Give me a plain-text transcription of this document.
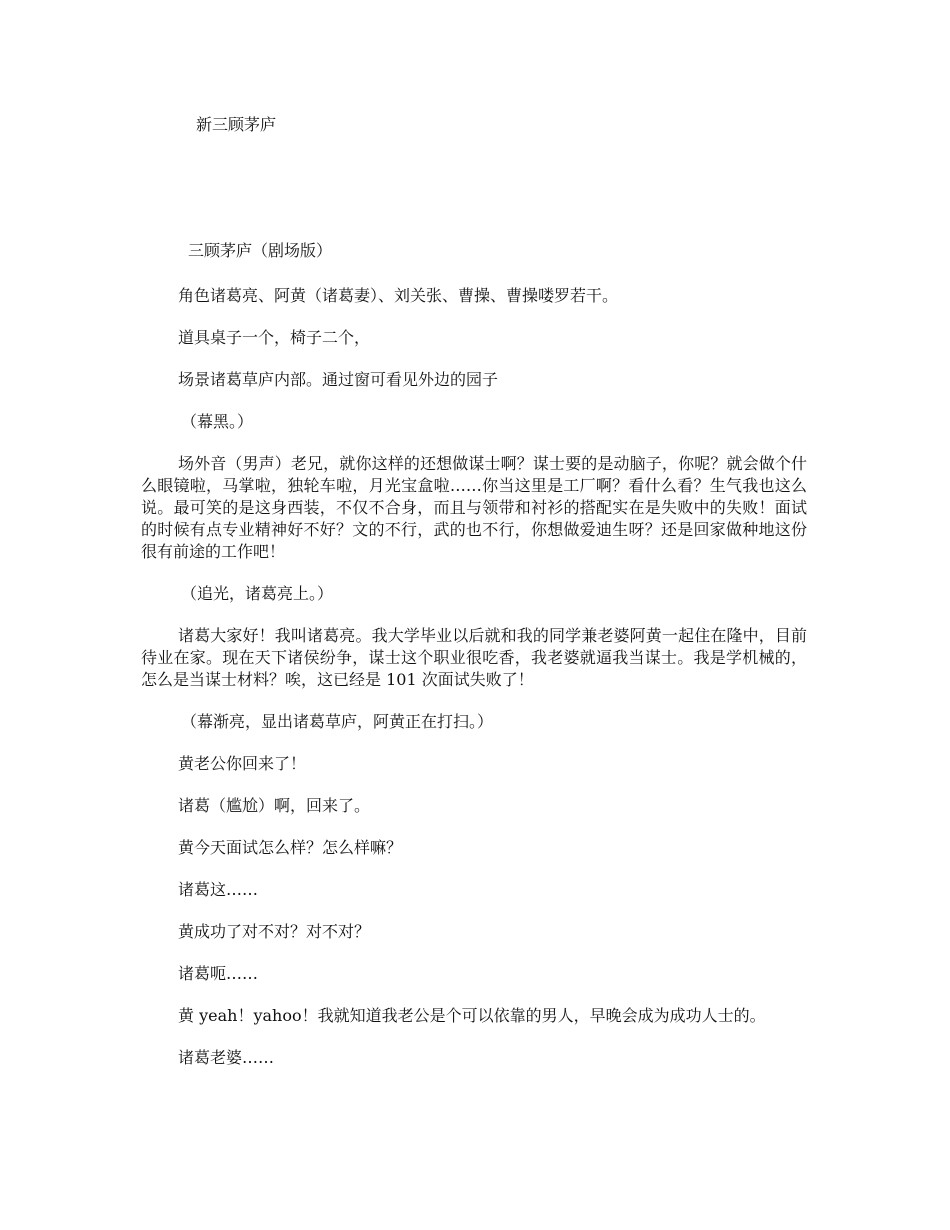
新三顾茅庐

三顾茅庐（剧场版）

角色诸葛亮、阿黄（诸葛妻）、刘关张、曹操、曹操喽罗若干。

道具桌子一个，椅子二个，

场景诸葛草庐内部。通过窗可看见外边的园子

（幕黑。）

场外音（男声）老兄，就你这样的还想做谋士啊？谋士要的是动脑子，你呢？就会做个什么眼镜啦，马掌啦，独轮车啦，月光宝盒啦……你当这里是工厂啊？看什么看？生气我也这么说。最可笑的是这身西装，不仅不合身，而且与领带和衬衫的搭配实在是失败中的失败！面试的时候有点专业精神好不好？文的不行，武的也不行，你想做爱迪生呀？还是回家做种地这份很有前途的工作吧！

（追光，诸葛亮上。）

诸葛大家好！我叫诸葛亮。我大学毕业以后就和我的同学兼老婆阿黄一起住在隆中，目前待业在家。现在天下诸侯纷争，谋士这个职业很吃香，我老婆就逼我当谋士。我是学机械的，怎么是当谋士材料？唉，这已经是 101 次面试失败了！

（幕渐亮，显出诸葛草庐，阿黄正在打扫。）

黄老公你回来了！

诸葛（尴尬）啊，回来了。

黄今天面试怎么样？怎么样嘛？

诸葛这……

黄成功了对不对？对不对？

诸葛呃……

黄 yeah！yahoo！我就知道我老公是个可以依靠的男人，早晚会成为成功人士的。

诸葛老婆……
